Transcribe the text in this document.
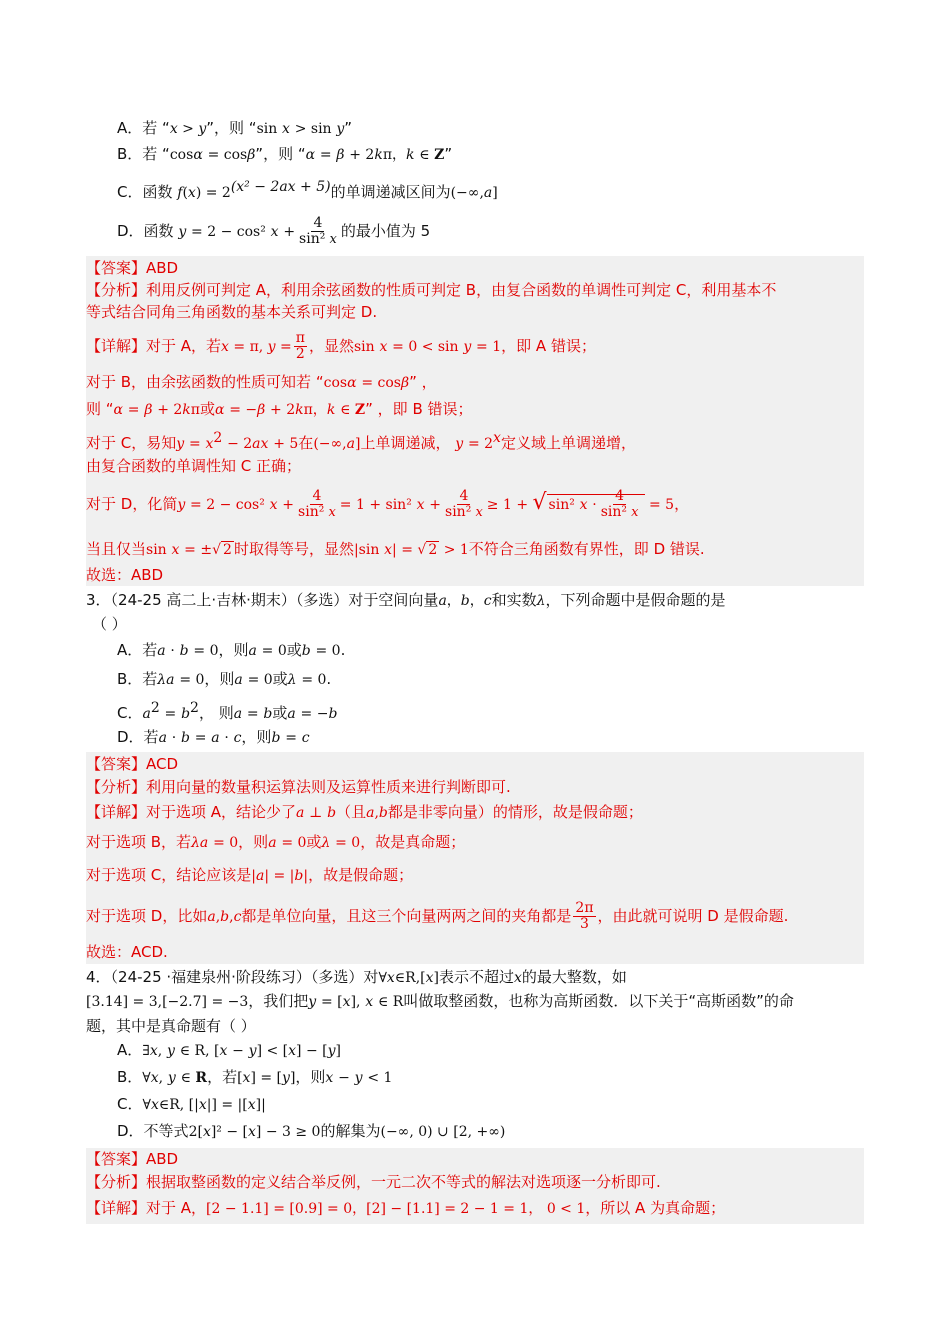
A．若 “x > y”，则 “sin x > sin y”
B．若 “cosα = cosβ”，则 “α = β + 2kπ，k ∈ Z”
C．函数 $f(x) = 2^{(x^2 - 2ax + 5)}$的单调递减区间为(−∞,a]
D．函数 y = 2 − cos² $x + \frac{4}{\text{sin² x}}$ 的最小值为 5
【答案】ABD
【分析】利用反例可判定 A，利用余弦函数的性质可判定 B，由复合函数的单调性可判定 C，利用基本不
等式结合同角三角函数的基本关系可判定 D.
【详解】对于 A，若x = π, $y = \frac{\pi}{2}$ ，显然sin x = 0 < sin y = 1，即 A 错误；
对于 B，由余弦函数的性质可知若 “cosα = cosβ” ，
则 “α = β + 2kπ或α = −β + 2kπ，k ∈ Z” ，即 B 错误；
对于 C，易知$y = x^2 - 2ax + 5$在(−∞,a]上单调递减， $y = 2^x$定义域上单调递增，
由复合函数的单调性知 C 正确；
对于 D，化简y = 2 − cos² $x + \frac{4}{\text{sin² x}} = 1 + \sin^2$ $x + \frac{4}{\text{sin² x}} \ge 1$ + √ sin² $x \cdot \frac{4}{\text{sin² x}} = 5$，
当且仅当sin x = ±√ 2 时取得等号，显然|sin x| = √ 2 > 1不符合三角函数有界性，即 D 错误.
故选：ABD
3．（24-25 高二上·吉林·期末）（多选）对于空间向量a，b，c和实数λ，下列命题中是假命题的是
（ ）
A．若a · b = 0，则a = 0或b = 0.
B．若λa = 0，则a = 0或λ = 0.
C．$a^2 = b^2$， 则a = b或a = −b
D．若a · b = a · c，则b = c
【答案】ACD
【分析】利用向量的数量积运算法则及运算性质来进行判断即可.
【详解】对于选项 A，结论少了a ⊥ b（且a,b都是非零向量）的情形，故是假命题；
对于选项 B，若λa = 0，则a = 0或λ = 0，故是真命题；
对于选项 C，结论应该是|a| = |b|，故是假命题；
对于选项 D，比如a,b,c都是单位向量，且这三个向量两两之间的夹角都是 $\frac{2\pi}{3}$ ，由此就可说明 D 是假命题.
故选：ACD.
4．（24-25 ·福建泉州·阶段练习）（多选）对∀x∈R,[x]表示不超过x的最大整数，如
[3.14] = 3,[−2.7] = −3，我们把y = [x], x ∈ R叫做取整函数，也称为高斯函数．以下关于“高斯函数”的命
题，其中是真命题有（ ）
A．∃x, y ∈ R, [x − y] < [x] − [y]
B．∀x, y ∈ R，若[x] = [y]，则x − y < 1
C．∀x∈R, [|x|] = |[x]|
D．不等式2[x]² − [x] − 3 ≥ 0的解集为(−∞, 0) ∪ [2, +∞)
【答案】ABD
【分析】根据取整函数的定义结合举反例，一元二次不等式的解法对选项逐一分析即可.
【详解】对于 A，[2 − 1.1] = [0.9] = 0，[2] − [1.1] = 2 − 1 = 1， 0 < 1，所以 A 为真命题；
